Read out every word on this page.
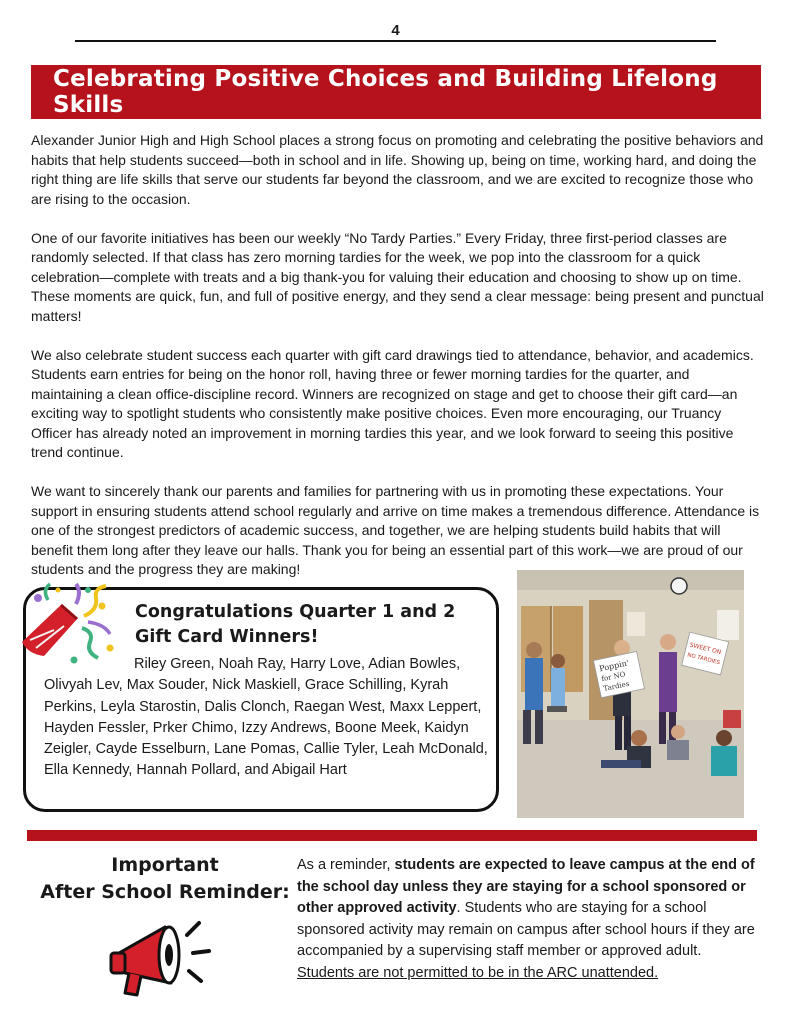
4
Celebrating Positive Choices and Building Lifelong Skills

Alexander Junior High and High School places a strong focus on promoting and celebrating the positive behaviors and habits that help students succeed—both in school and in life. Showing up, being on time, working hard, and doing the right thing are life skills that serve our students far beyond the classroom, and we are excited to recognize those who are rising to the occasion.

One of our favorite initiatives has been our weekly “No Tardy Parties.” Every Friday, three first-period classes are randomly selected. If that class has zero morning tardies for the week, we pop into the classroom for a quick celebration—complete with treats and a big thank-you for valuing their education and choosing to show up on time. These moments are quick, fun, and full of positive energy, and they send a clear message: being present and punctual matters!

We also celebrate student success each quarter with gift card drawings tied to attendance, behavior, and academics. Students earn entries for being on the honor roll, having three or fewer morning tardies for the quarter, and maintaining a clean office-discipline record. Winners are recognized on stage and get to choose their gift card—an exciting way to spotlight students who consistently make positive choices. Even more encouraging, our Truancy Officer has already noted an improvement in morning tardies this year, and we look forward to seeing this positive trend continue.

We want to sincerely thank our parents and families for partnering with us in promoting these expectations. Your support in ensuring students attend school regularly and arrive on time makes a tremendous difference. Attendance is one of the strongest predictors of academic success, and together, we are helping students build habits that will benefit them long after they leave our halls. Thank you for being an essential part of this work—we are proud of our students and the progress they are making!

Congratulations Quarter 1 and 2
Gift Card Winners!

Riley Green, Noah Ray, Harry Love, Adian Bowles, Olivyah Lev, Max Souder, Nick Maskiell, Grace Schilling, Kyrah Perkins, Leyla Starostin, Dalis Clonch, Raegan West, Maxx Leppert, Hayden Fessler, Prker Chimo, Izzy Andrews, Boone Meek, Kaidyn Zeigler, Cayde Esselburn, Lane Pomas, Callie Tyler, Leah McDonald, Ella Kennedy, Hannah Pollard, and Abigail Hart

Poppin'
for NO
Tardies
SWEET ON
NO TARDIES
Important
After School Reminder:

As a reminder, students are expected to leave campus at the end of the school day unless they are staying for a school sponsored or other approved activity. Students who are staying for a school sponsored activity may remain on campus after school hours if they are accompanied by a supervising staff member or approved adult. Students are not permitted to be in the ARC unattended.
